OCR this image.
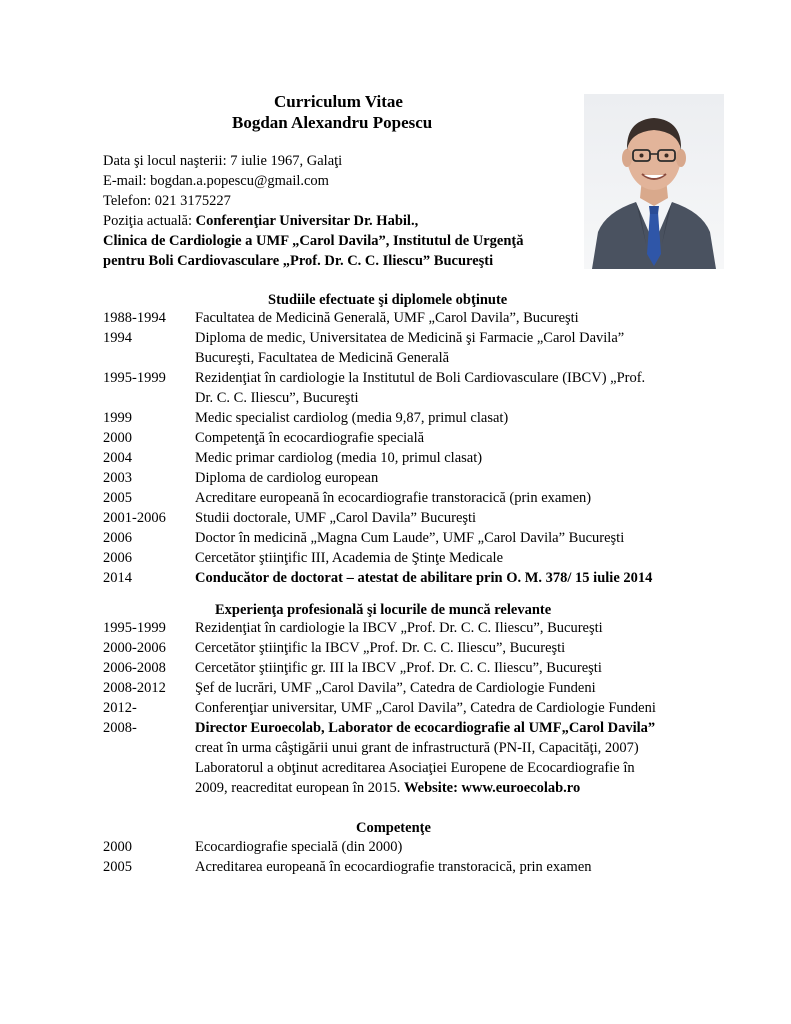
Curriculum Vitae
Bogdan Alexandru Popescu
Data şi locul naşterii: 7 iulie 1967, Galaţi
E-mail: bogdan.a.popescu@gmail.com
Telefon: 021 3175227
Poziţia actuală: Conferenţiar Universitar Dr. Habil.,
Clinica de Cardiologie a UMF „Carol Davila”, Institutul de Urgenţă
pentru Boli Cardiovasculare „Prof. Dr. C. C. Iliescu” Bucureşti
Studiile efectuate şi diplomele obţinute
1988-1994 Facultatea de Medicină Generală, UMF „Carol Davila”, Bucureşti
1994	Diploma de medic, Universitatea de Medicină şi Farmacie „Carol Davila”
Bucureşti, Facultatea de Medicină Generală
1995-1999 Rezidenţiat în cardiologie la Institutul de Boli Cardiovasculare (IBCV) „Prof.
Dr. C. C. Iliescu”, Bucureşti
1999	Medic specialist cardiolog (media 9,87, primul clasat)
2000	Competenţă în ecocardiografie specială
2004	Medic primar cardiolog (media 10, primul clasat)
2003	Diploma de cardiolog european
2005	Acreditare europeană în ecocardiografie transtoracică (prin examen)
2001-2006 Studii doctorale, UMF „Carol Davila” Bucureşti
2006	Doctor în medicină „Magna Cum Laude”, UMF „Carol Davila” Bucureşti
2006	Cercetător ştiinţific III, Academia de Ştinţe Medicale
2014	Conducător de doctorat – atestat de abilitare prin O. M. 378/ 15 iulie 2014
Experienţa profesională şi locurile de muncă relevante
1995-1999 Rezidenţiat în cardiologie la IBCV „Prof. Dr. C. C. Iliescu”, Bucureşti
2000-2006 Cercetător ştiinţific la IBCV „Prof. Dr. C. C. Iliescu”, Bucureşti
2006-2008 Cercetător ştiinţific gr. III la IBCV „Prof. Dr. C. C. Iliescu”, Bucureşti
2008-2012 Şef de lucrări, UMF „Carol Davila”, Catedra de Cardiologie Fundeni
2012-	Conferenţiar universitar, UMF „Carol Davila”, Catedra de Cardiologie Fundeni
2008-	Director Euroecolab, Laborator de ecocardiografie al UMF„Carol Davila”
creat în urma câştigării unui grant de infrastructură (PN-II, Capacităţi, 2007)
Laboratorul a obţinut acreditarea Asociaţiei Europene de Ecocardiografie în
2009, reacreditat european în 2015. Website: www.euroecolab.ro
Competenţe
2000	Ecocardiografie specială (din 2000)
2005	Acreditarea europeană în ecocardiografie transtoracică, prin examen
